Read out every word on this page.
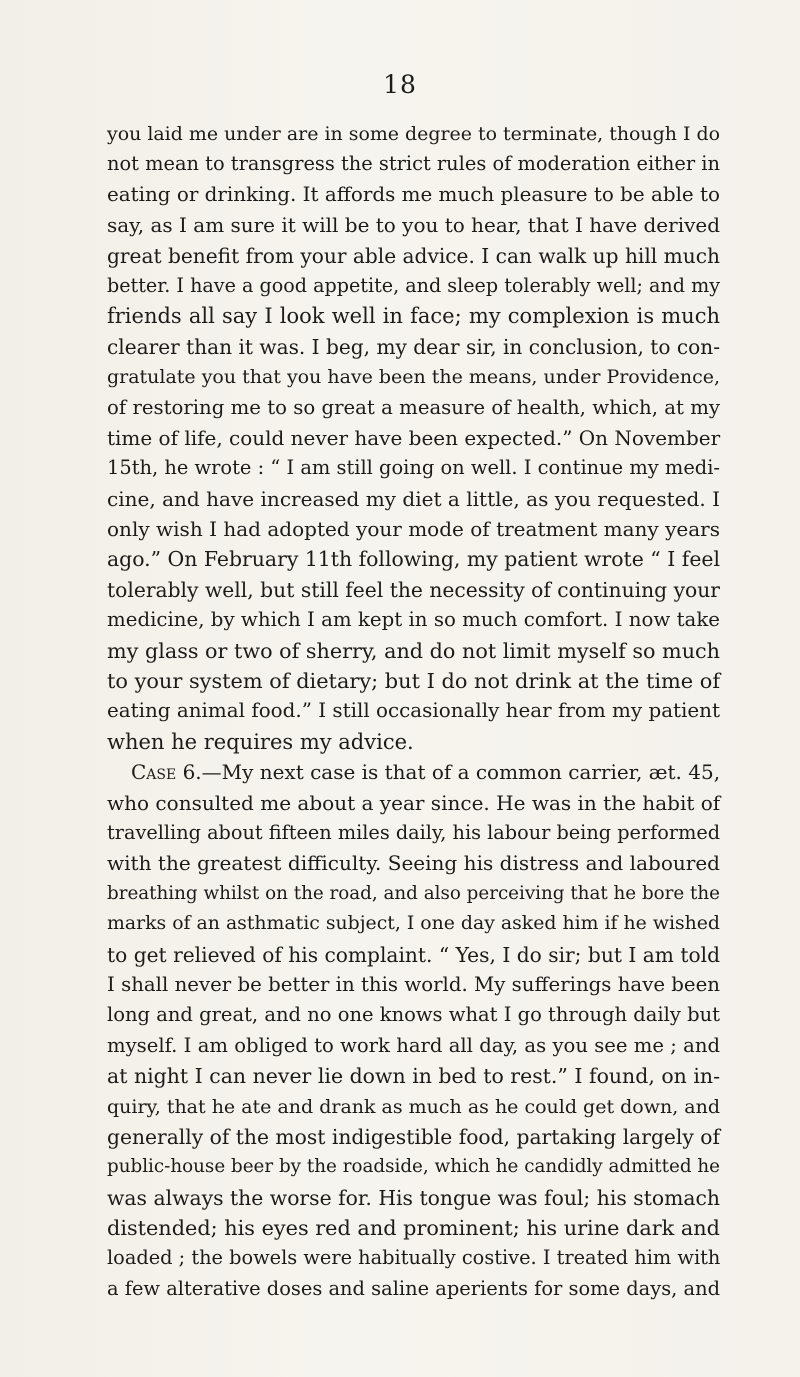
18
you laid me under are in some degree to terminate, though I do
not mean to transgress the strict rules of moderation either in
eating or drinking. It affords me much pleasure to be able to
say, as I am sure it will be to you to hear, that I have derived
great benefit from your able advice. I can walk up hill much
better. I have a good appetite, and sleep tolerably well; and my
friends all say I look well in face; my complexion is much
clearer than it was. I beg, my dear sir, in conclusion, to con-
gratulate you that you have been the means, under Providence,
of restoring me to so great a measure of health, which, at my
time of life, could never have been expected.” On November
15th, he wrote : “ I am still going on well. I continue my medi-
cine, and have increased my diet a little, as you requested. I
only wish I had adopted your mode of treatment many years
ago.” On February 11th following, my patient wrote “ I feel
tolerably well, but still feel the necessity of continuing your
medicine, by which I am kept in so much comfort. I now take
my glass or two of sherry, and do not limit myself so much
to your system of dietary; but I do not drink at the time of
eating animal food.” I still occasionally hear from my patient
when he requires my advice.
Case 6.—My next case is that of a common carrier, æt. 45,
who consulted me about a year since. He was in the habit of
travelling about fifteen miles daily, his labour being performed
with the greatest difficulty. Seeing his distress and laboured
breathing whilst on the road, and also perceiving that he bore the
marks of an asthmatic subject, I one day asked him if he wished
to get relieved of his complaint. “ Yes, I do sir; but I am told
I shall never be better in this world. My sufferings have been
long and great, and no one knows what I go through daily but
myself. I am obliged to work hard all day, as you see me ; and
at night I can never lie down in bed to rest.” I found, on in-
quiry, that he ate and drank as much as he could get down, and
generally of the most indigestible food, partaking largely of
public-house beer by the roadside, which he candidly admitted he
was always the worse for. His tongue was foul; his stomach
distended; his eyes red and prominent; his urine dark and
loaded ; the bowels were habitually costive. I treated him with
a few alterative doses and saline aperients for some days, and
